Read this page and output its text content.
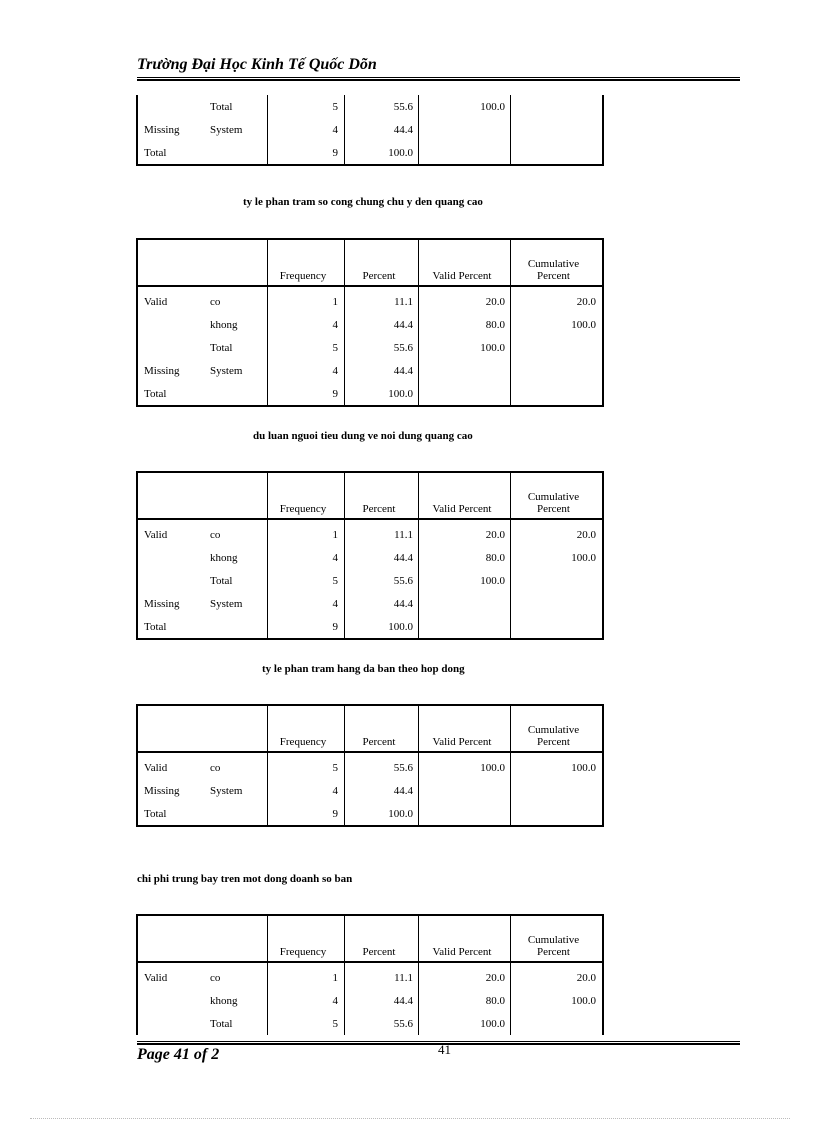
Trường Đại Học Kinh Tế Quốc Dõn
	Total	5	55.6	100.0	
Missing	System	4	44.4		
Total		9	100.0		
ty le phan tram so cong chung chu y den quang cao
		Frequency	Percent	Valid Percent	Cumulative Percent
Valid	co	1	11.1	20.0	20.0
	khong	4	44.4	80.0	100.0
	Total	5	55.6	100.0	
Missing	System	4	44.4		
Total		9	100.0		
du luan nguoi tieu dung ve noi dung quang cao
		Frequency	Percent	Valid Percent	Cumulative Percent
Valid	co	1	11.1	20.0	20.0
	khong	4	44.4	80.0	100.0
	Total	5	55.6	100.0	
Missing	System	4	44.4		
Total		9	100.0		
ty le phan tram hang da ban theo hop dong
		Frequency	Percent	Valid Percent	Cumulative Percent
Valid	co	5	55.6	100.0	100.0
Missing	System	4	44.4		
Total		9	100.0		
chi phi trung bay tren mot dong doanh so ban
		Frequency	Percent	Valid Percent	Cumulative Percent
Valid	co	1	11.1	20.0	20.0
	khong	4	44.4	80.0	100.0
	Total	5	55.6	100.0	
Page 41 of 2	41
